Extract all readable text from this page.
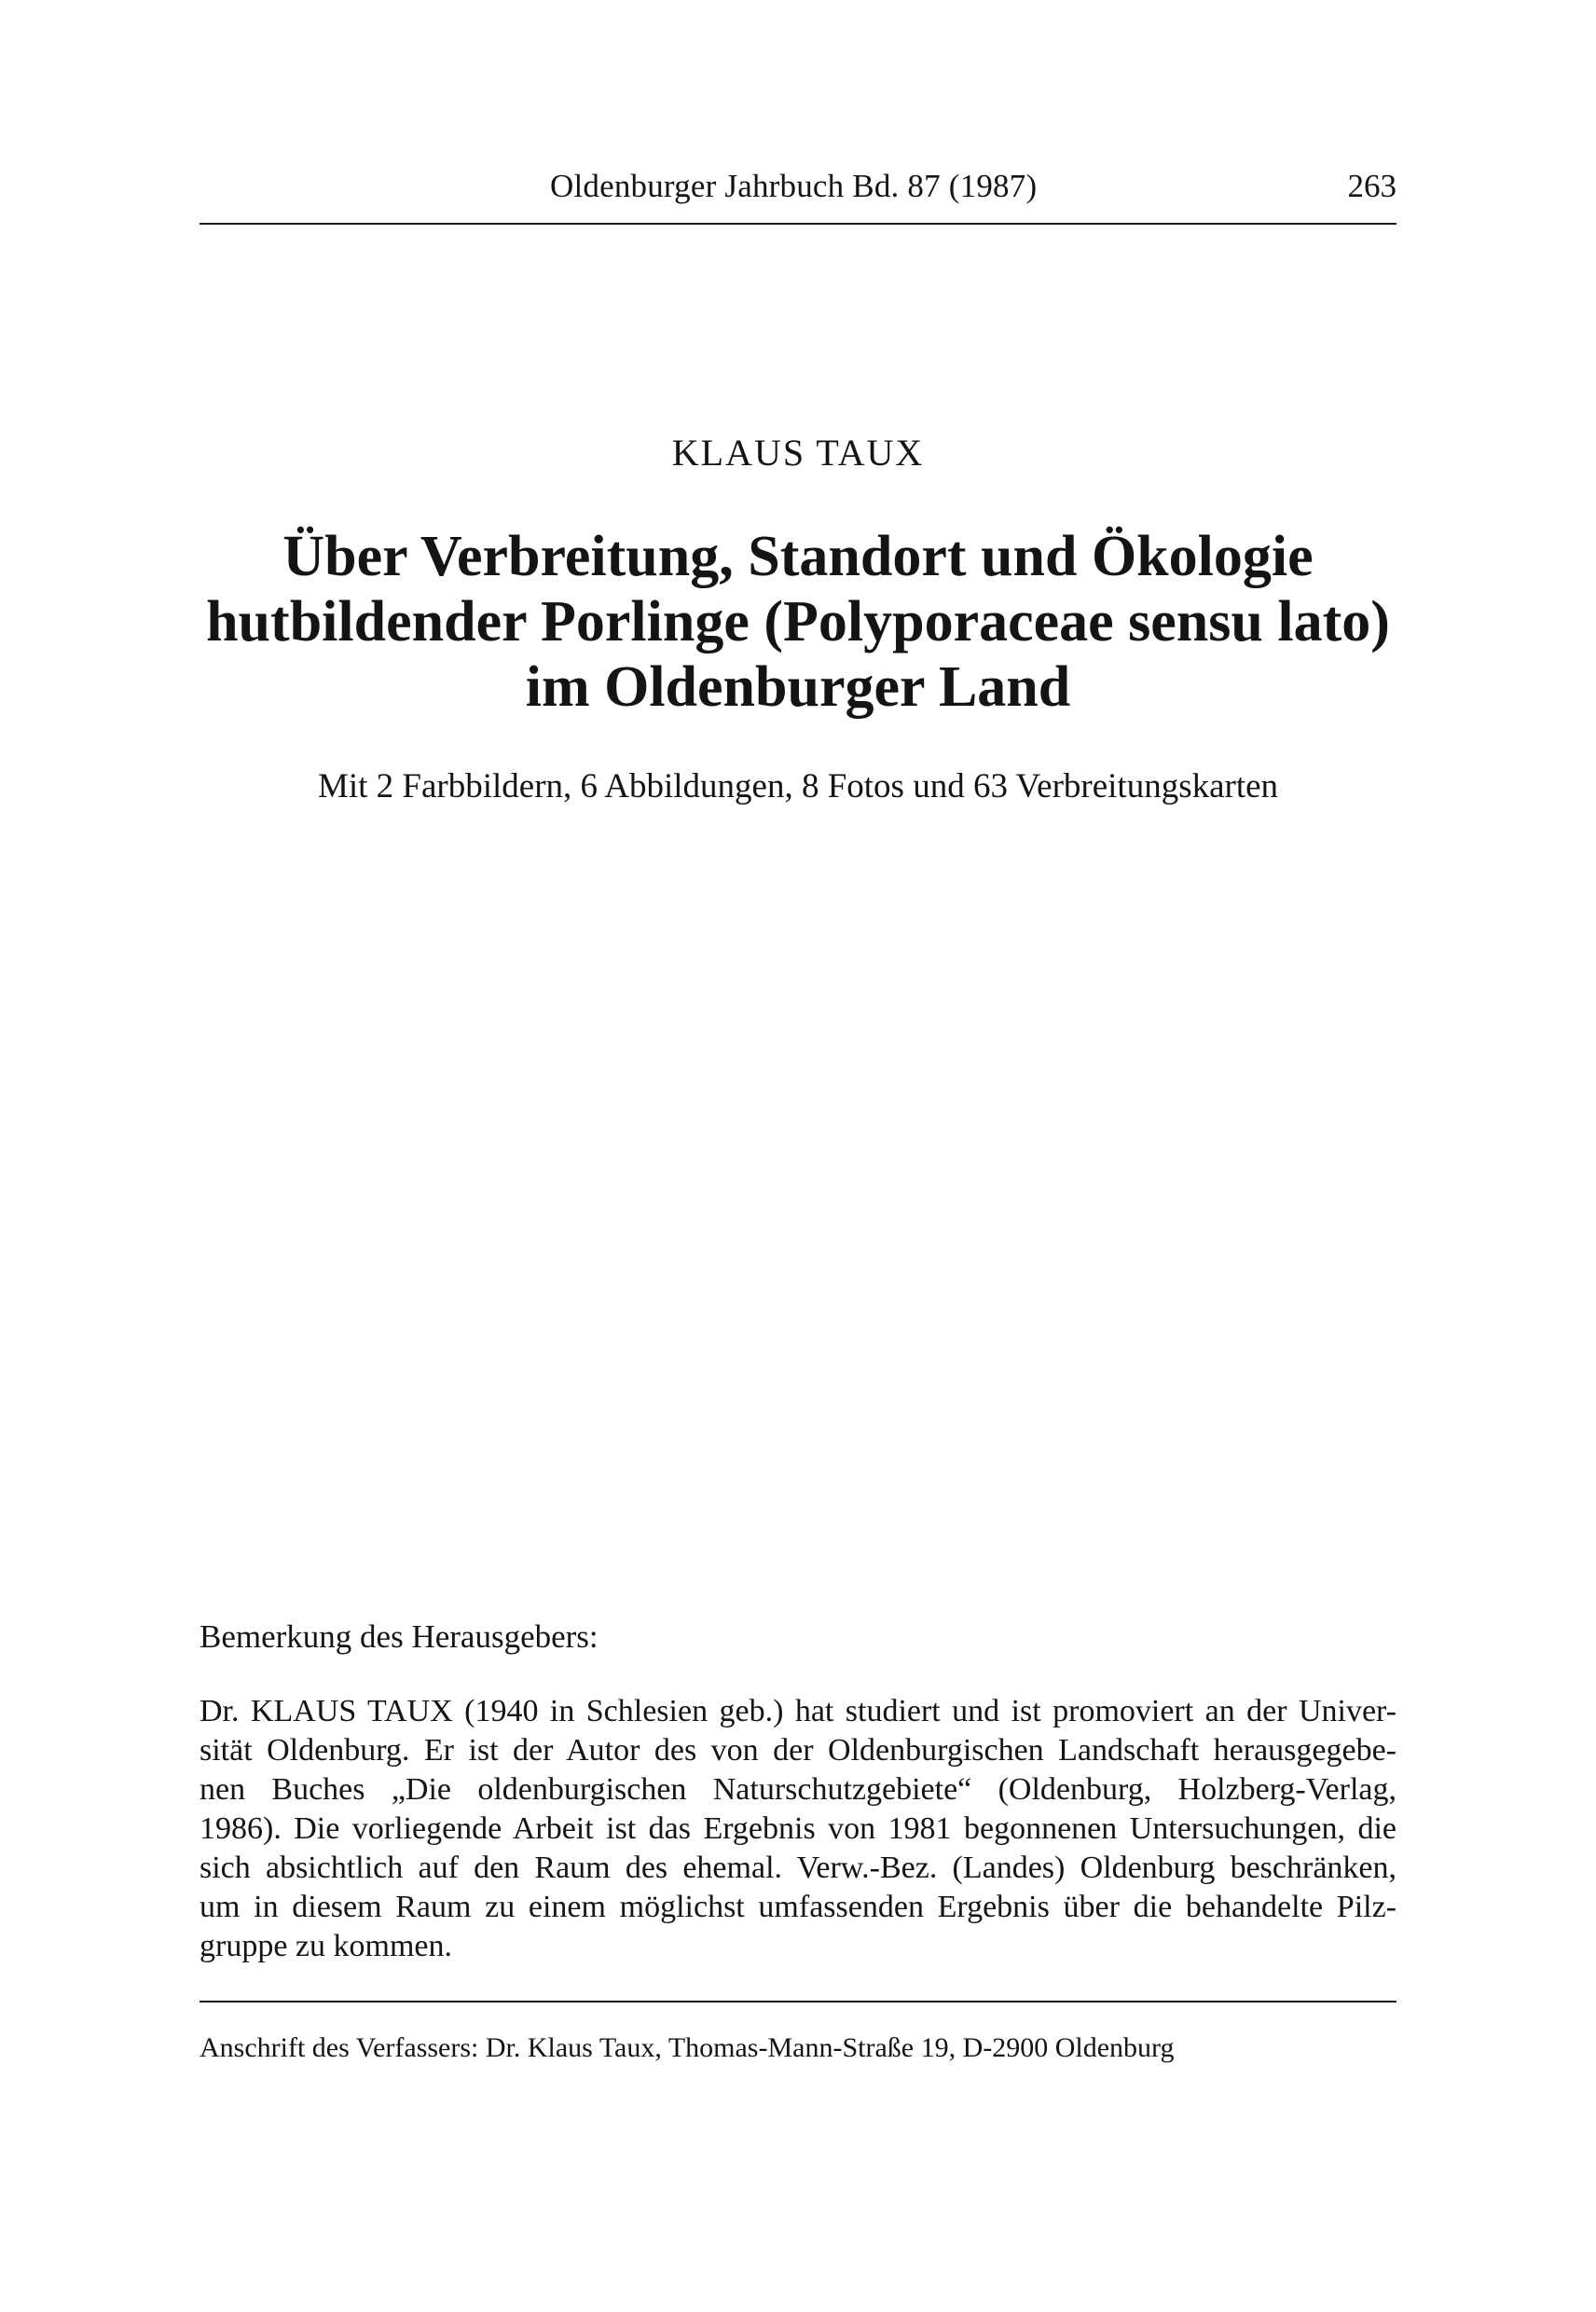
Oldenburger Jahrbuch Bd. 87 (1987)	263
KLAUS TAUX
Über Verbreitung, Standort und Ökologie
hutbildender Porlinge (Polyporaceae sensu lato)
im Oldenburger Land
Mit 2 Farbbildern, 6 Abbildungen, 8 Fotos und 63 Verbreitungskarten
Bemerkung des Herausgebers:
Dr. KLAUS TAUX (1940 in Schlesien geb.) hat studiert und ist promoviert an der Univer-
sität Oldenburg. Er ist der Autor des von der Oldenburgischen Landschaft herausgegebe-
nen Buches „Die oldenburgischen Naturschutzgebiete“ (Oldenburg, Holzberg-Verlag,
1986). Die vorliegende Arbeit ist das Ergebnis von 1981 begonnenen Untersuchungen, die
sich absichtlich auf den Raum des ehemal. Verw.-Bez. (Landes) Oldenburg beschränken,
um in diesem Raum zu einem möglichst umfassenden Ergebnis über die behandelte Pilz-
gruppe zu kommen.
Anschrift des Verfassers: Dr. Klaus Taux, Thomas-Mann-Straße 19, D-2900 Oldenburg
